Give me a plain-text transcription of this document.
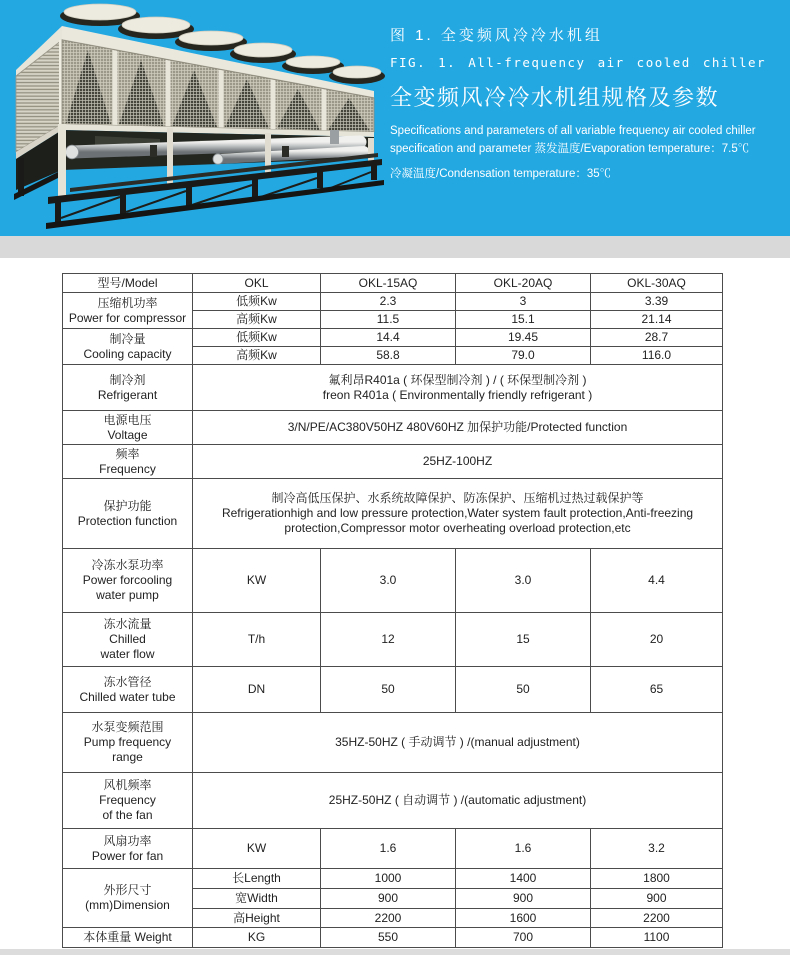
图 1. 全变频风冷冷水机组
FIG. 1. All-frequency air cooled chiller
全变频风冷冷水机组规格及参数
Specifications and parameters of all variable frequency air cooled chiller
specification and parameter 蒸发温度/Evaporation temperature：7.5℃
冷凝温度/Condensation temperature：35℃
型号/Model	OKL	OKL-15AQ	OKL-20AQ	OKL-30AQ

压缩机功率
Power for compressor	低频Kw	2.3	3	3.39
	高频Kw	11.5	15.1	21.14

制冷量
Cooling capacity	低频Kw	14.4	19.45	28.7
	高频Kw	58.8	79.0	116.0

制冷剂
Refrigerant	氟利昂R401a ( 环保型制冷剂 ) / ( 环保型制冷剂 )
freon R401a ( Environmentally friendly refrigerant )			

电源电压
Voltage	3/N/PE/AC380V50HZ 480V60HZ 加保护功能/Protected function			

频率
Frequency	25HZ-100HZ			

保护功能
Protection function	制冷高低压保护、水系统故障保护、防冻保护、压缩机过热过载保护等
Refrigerationhigh and low pressure protection,Water system fault protection,Anti-freezing protection,Compressor motor overheating overload protection,etc			

冷冻水泵功率
Power forcooling
water pump	KW	3.0	3.0	4.4

冻水流量
Chilled
water flow	T/h	12	15	20

冻水管径
Chilled water tube	DN	50	50	65

水泵变频范围
Pump frequency
range	35HZ-50HZ ( 手动调节 ) /(manual adjustment)			

风机频率
Frequency
of the fan	25HZ-50HZ ( 自动调节 ) /(automatic adjustment)			

风扇功率
Power for fan	KW	1.6	1.6	3.2

外形尺寸
(mm)Dimension	长Length	1000	1400	1800
	宽Width	900	900	900
	高Height	2200	1600	2200
本体重量 Weight	KG	550	700	1100
